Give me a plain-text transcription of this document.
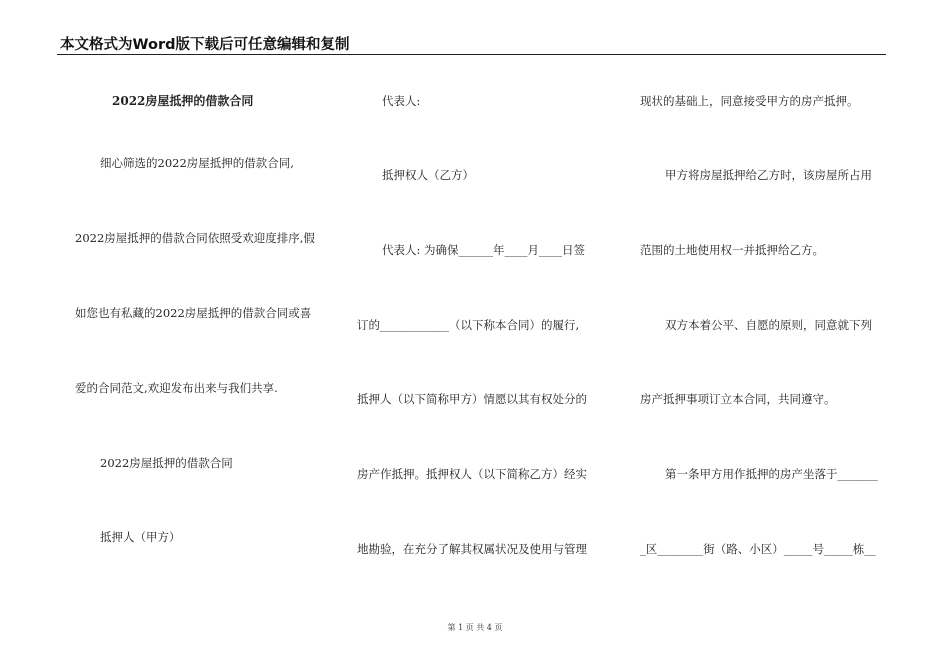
本文格式为Word版下载后可任意编辑和复制
2022房屋抵押的借款合同
细心筛选的2022房屋抵押的借款合同,
2022房屋抵押的借款合同依照受欢迎度排序,假
如您也有私藏的2022房屋抵押的借款合同或喜
爱的合同范文,欢迎发布出来与我们共享.
2022房屋抵押的借款合同
抵押人（甲方）
代表人:
抵押权人（乙方）
代表人: 为确保______年____月____日签
订的____________（以下称本合同）的履行,
抵押人（以下简称甲方）情愿以其有权处分的
房产作抵押。抵押权人（以下简称乙方）经实
地勘验，在充分了解其权属状况及使用与管理
现状的基础上，同意接受甲方的房产抵押。
甲方将房屋抵押给乙方时，该房屋所占用
范围的土地使用权一并抵押给乙方。
双方本着公平、自愿的原则，同意就下列
房产抵押事项订立本合同，共同遵守。
第一条甲方用作抵押的房产坐落于_______
_区________街（路、小区）_____号_____栋__
第 1 页 共 4 页
